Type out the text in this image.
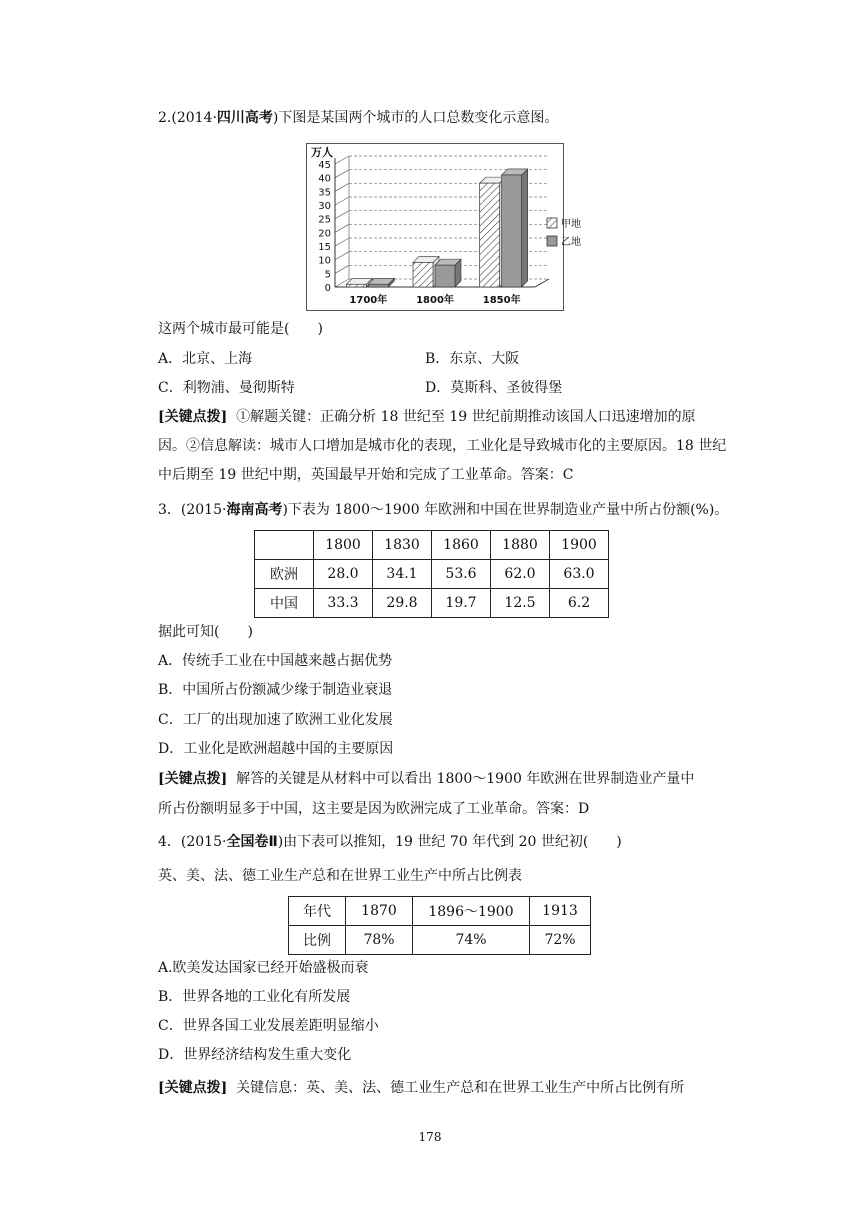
2.(2014·四川高考)下图是某国两个城市的人口总数变化示意图。
0
5
10
15
20
25
30
35
40
45
万人
1700年	1800年	1850年
甲地
乙地
这两个城市最可能是(　　)
A．北京、上海	B．东京、大阪
C．利物浦、曼彻斯特	D．莫斯科、圣彼得堡
[关键点拨] ①解题关键：正确分析 18 世纪至 19 世纪前期推动该国人口迅速增加的原
因。②信息解读：城市人口增加是城市化的表现，工业化是导致城市化的主要原因。18 世纪
中后期至 19 世纪中期，英国最早开始和完成了工业革命。答案：C
3．(2015·海南高考)下表为 1800～1900 年欧洲和中国在世界制造业产量中所占份额(%)。
	1800	1830	1860	1880	1900
欧洲	28.0	34.1	53.6	62.0	63.0
中国	33.3	29.8	19.7	12.5	6.2
据此可知(　　)
A．传统手工业在中国越来越占据优势
B．中国所占份额减少缘于制造业衰退
C．工厂的出现加速了欧洲工业化发展
D．工业化是欧洲超越中国的主要原因
[关键点拨] 解答的关键是从材料中可以看出 1800～1900 年欧洲在世界制造业产量中
所占份额明显多于中国，这主要是因为欧洲完成了工业革命。答案：D
4．(2015·全国卷Ⅱ)由下表可以推知，19 世纪 70 年代到 20 世纪初(　　)
英、美、法、德工业生产总和在世界工业生产中所占比例表
年代	1870	1896～1900	1913
比例	78%	74%	72%
A.欧美发达国家已经开始盛极而衰
B．世界各地的工业化有所发展
C．世界各国工业发展差距明显缩小
D．世界经济结构发生重大变化
[关键点拨] 关键信息：英、美、法、德工业生产总和在世界工业生产中所占比例有所
178
